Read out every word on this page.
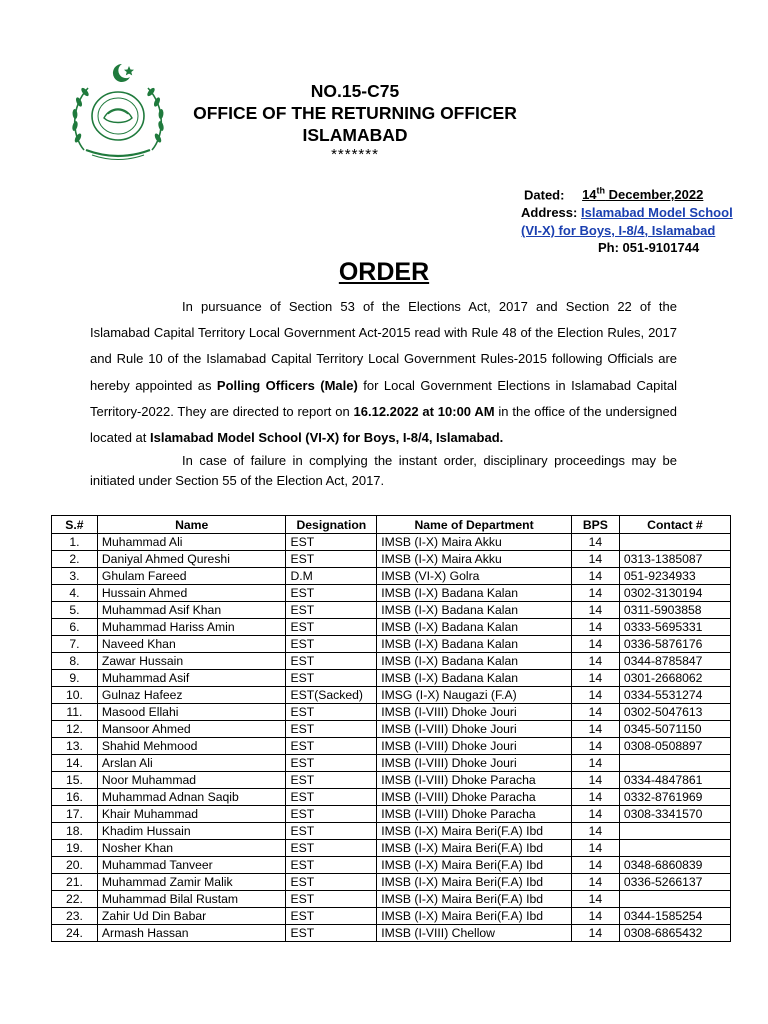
NO.15-C75
OFFICE OF THE RETURNING OFFICER
ISLAMABAD
*******
Dated: 14th December,2022
Address: Islamabad Model School (VI-X) for Boys, I-8/4, Islamabad
Ph: 051-9101744
ORDER
In pursuance of Section 53 of the Elections Act, 2017 and Section 22 of the Islamabad Capital Territory Local Government Act-2015 read with Rule 48 of the Election Rules, 2017 and Rule 10 of the Islamabad Capital Territory Local Government Rules-2015 following Officials are hereby appointed as Polling Officers (Male) for Local Government Elections in Islamabad Capital Territory-2022. They are directed to report on 16.12.2022 at 10:00 AM in the office of the undersigned located at Islamabad Model School (VI-X) for Boys, I-8/4, Islamabad.
In case of failure in complying the instant order, disciplinary proceedings may be initiated under Section 55 of the Election Act, 2017.
S.#	Name	Designation	Name of Department	BPS	Contact #
1.	Muhammad Ali	EST	IMSB (I-X) Maira Akku	14	
2.	Daniyal Ahmed Qureshi	EST	IMSB (I-X) Maira Akku	14	0313-1385087
3.	Ghulam Fareed	D.M	IMSB (VI-X) Golra	14	051-9234933
4.	Hussain Ahmed	EST	IMSB (I-X) Badana Kalan	14	0302-3130194
5.	Muhammad Asif Khan	EST	IMSB (I-X) Badana Kalan	14	0311-5903858
6.	Muhammad Hariss Amin	EST	IMSB (I-X) Badana Kalan	14	0333-5695331
7.	Naveed Khan	EST	IMSB (I-X) Badana Kalan	14	0336-5876176
8.	Zawar Hussain	EST	IMSB (I-X) Badana Kalan	14	0344-8785847
9.	Muhammad Asif	EST	IMSB (I-X) Badana Kalan	14	0301-2668062
10.	Gulnaz Hafeez	EST(Sacked)	IMSG (I-X) Naugazi (F.A)	14	0334-5531274
11.	Masood Ellahi	EST	IMSB (I-VIII) Dhoke Jouri	14	0302-5047613
12.	Mansoor Ahmed	EST	IMSB (I-VIII) Dhoke Jouri	14	0345-5071150
13.	Shahid Mehmood	EST	IMSB (I-VIII) Dhoke Jouri	14	0308-0508897
14.	Arslan Ali	EST	IMSB (I-VIII) Dhoke Jouri	14	
15.	Noor Muhammad	EST	IMSB (I-VIII) Dhoke Paracha	14	0334-4847861
16.	Muhammad Adnan Saqib	EST	IMSB (I-VIII) Dhoke Paracha	14	0332-8761969
17.	Khair Muhammad	EST	IMSB (I-VIII) Dhoke Paracha	14	0308-3341570
18.	Khadim Hussain	EST	IMSB (I-X) Maira Beri(F.A) Ibd	14	
19.	Nosher Khan	EST	IMSB (I-X) Maira Beri(F.A) Ibd	14	
20.	Muhammad Tanveer	EST	IMSB (I-X) Maira Beri(F.A) Ibd	14	0348-6860839
21.	Muhammad Zamir Malik	EST	IMSB (I-X) Maira Beri(F.A) Ibd	14	0336-5266137
22.	Muhammad Bilal Rustam	EST	IMSB (I-X) Maira Beri(F.A) Ibd	14	
23.	Zahir Ud Din Babar	EST	IMSB (I-X) Maira Beri(F.A) Ibd	14	0344-1585254
24.	Armash Hassan	EST	IMSB (I-VIII) Chellow	14	0308-6865432
